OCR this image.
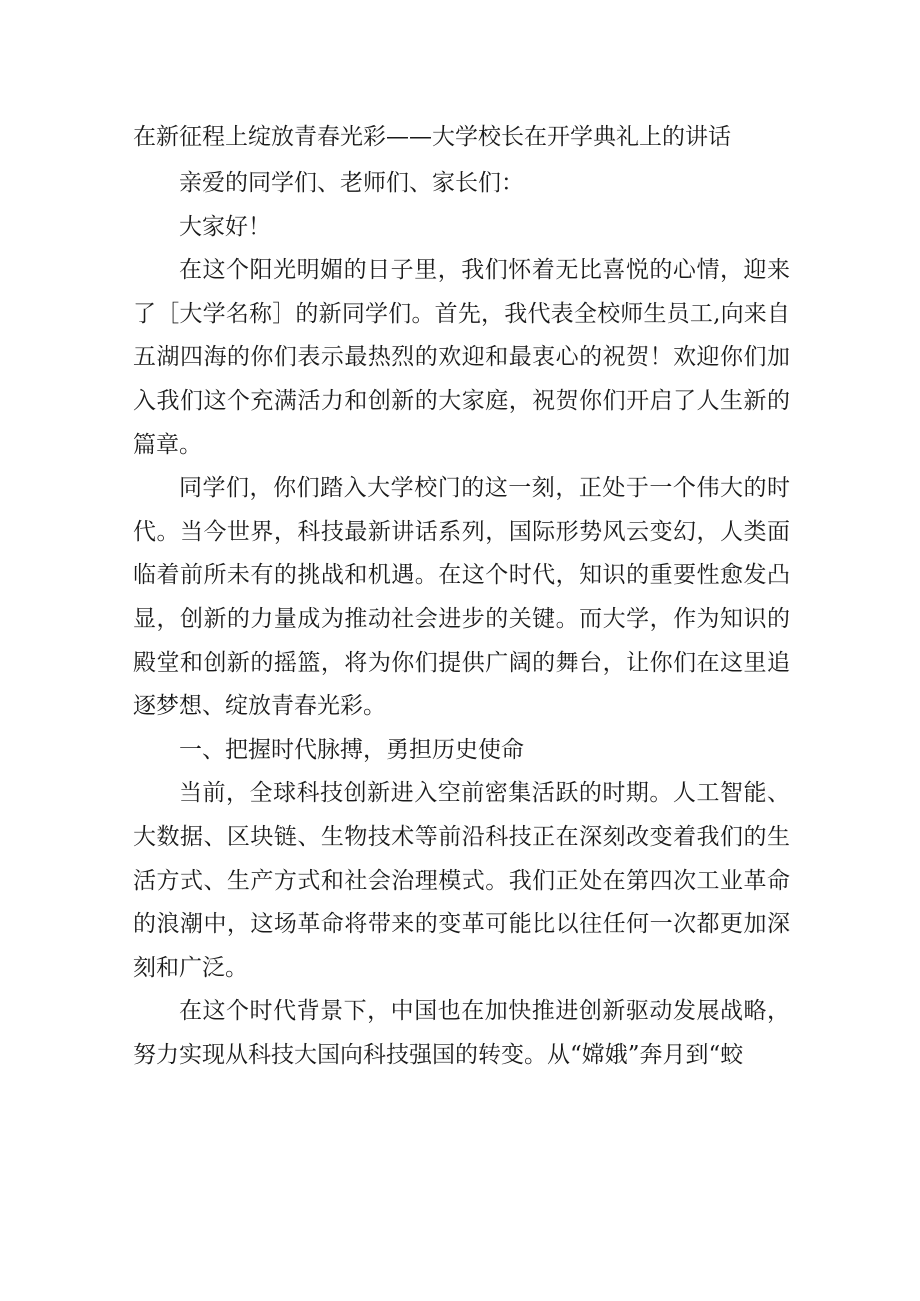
在新征程上绽放青春光彩——大学校长在开学典礼上的讲话

亲爱的同学们、老师们、家长们：

大家好！

在这个阳光明媚的日子里，我们怀着无比喜悦的心情，迎来了［大学名称］的新同学们。首先，我代表全校师生员工,向来自五湖四海的你们表示最热烈的欢迎和最衷心的祝贺！欢迎你们加入我们这个充满活力和创新的大家庭，祝贺你们开启了人生新的篇章。

同学们，你们踏入大学校门的这一刻，正处于一个伟大的时代。当今世界，科技最新讲话系列，国际形势风云变幻，人类面临着前所未有的挑战和机遇。在这个时代，知识的重要性愈发凸显，创新的力量成为推动社会进步的关键。而大学，作为知识的殿堂和创新的摇篮，将为你们提供广阔的舞台，让你们在这里追逐梦想、绽放青春光彩。

一、把握时代脉搏，勇担历史使命

当前，全球科技创新进入空前密集活跃的时期。人工智能、大数据、区块链、生物技术等前沿科技正在深刻改变着我们的生活方式、生产方式和社会治理模式。我们正处在第四次工业革命的浪潮中，这场革命将带来的变革可能比以往任何一次都更加深刻和广泛。

在这个时代背景下，中国也在加快推进创新驱动发展战略，努力实现从科技大国向科技强国的转变。从“嫦娥”奔月到“蛟
